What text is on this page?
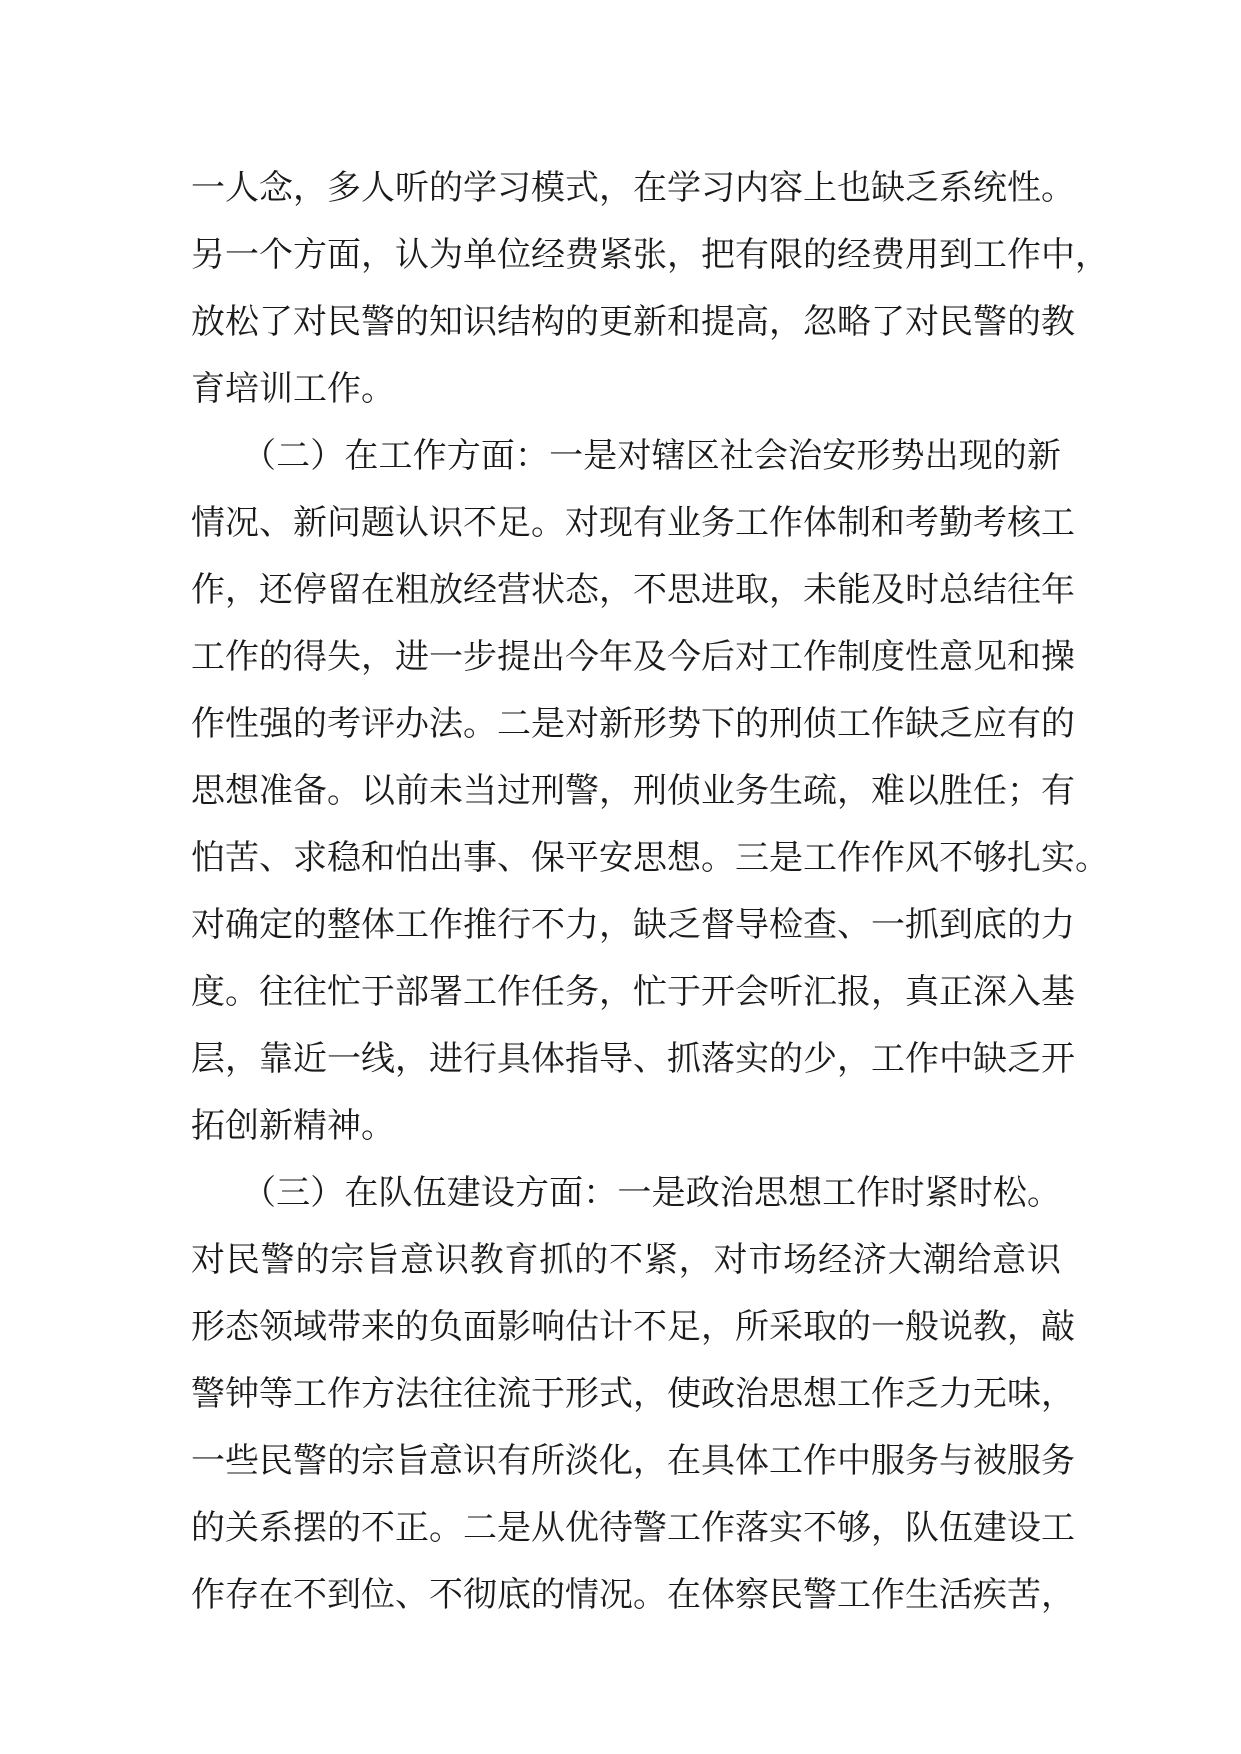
一人念，多人听的学习模式，在学习内容上也缺乏系统性。
另一个方面，认为单位经费紧张，把有限的经费用到工作中，
放松了对民警的知识结构的更新和提高，忽略了对民警的教
育培训工作。
（二）在工作方面：一是对辖区社会治安形势出现的新
情况、新问题认识不足。对现有业务工作体制和考勤考核工
作，还停留在粗放经营状态，不思进取，未能及时总结往年
工作的得失，进一步提出今年及今后对工作制度性意见和操
作性强的考评办法。二是对新形势下的刑侦工作缺乏应有的
思想准备。以前未当过刑警，刑侦业务生疏，难以胜任；有
怕苦、求稳和怕出事、保平安思想。三是工作作风不够扎实。
对确定的整体工作推行不力，缺乏督导检查、一抓到底的力
度。往往忙于部署工作任务，忙于开会听汇报，真正深入基
层，靠近一线，进行具体指导、抓落实的少，工作中缺乏开
拓创新精神。
（三）在队伍建设方面：一是政治思想工作时紧时松。
对民警的宗旨意识教育抓的不紧，对市场经济大潮给意识
形态领域带来的负面影响估计不足，所采取的一般说教，敲
警钟等工作方法往往流于形式，使政治思想工作乏力无味，
一些民警的宗旨意识有所淡化，在具体工作中服务与被服务
的关系摆的不正。二是从优待警工作落实不够，队伍建设工
作存在不到位、不彻底的情况。在体察民警工作生活疾苦，
